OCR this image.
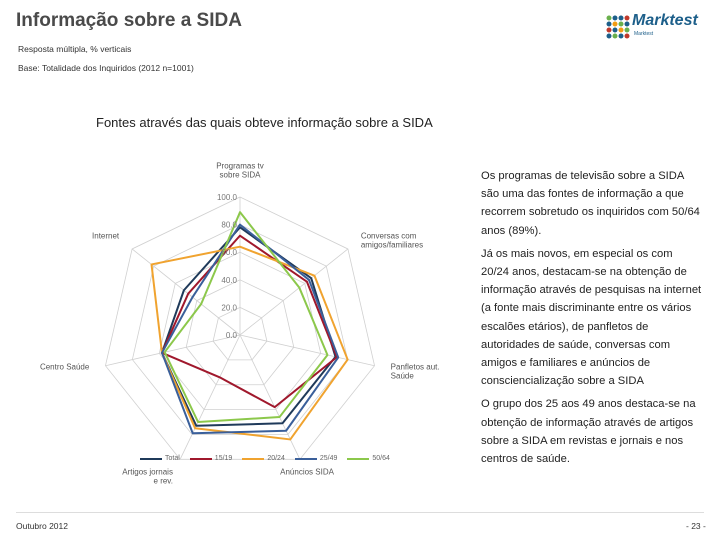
Informação sobre a SIDA	Marktest
Marktest
Resposta múltipla, % verticais
Base: Totalidade dos Inquiridos (2012 n=1001)
Fontes através das quais obteve informação sobre a SIDA
100.0
80.0
60.0
40.0
20.0
0.0
Programas tv sobre SIDA
Conversas com amigos/familiares
Panfletos aut. Saúde
Anúncios SIDA
Artigos jornais e rev.
Centro Saúde
Internet
Total	15/19	20/24	25/49	50/64

Os programas de televisão sobre a SIDA são uma das fontes de informação a que recorrem sobretudo os inquiridos com 50/64 anos (89%).

Já os mais novos, em especial os com 20/24 anos, destacam-se na obtenção de informação através de pesquisas na internet (a fonte mais discriminante entre os vários escalões etários), de panfletos de autoridades de saúde, conversas com amigos e familiares e anúncios de consciencialização sobre a SIDA

O grupo dos 25 aos 49 anos destaca-se na obtenção de informação através de artigos sobre a SIDA em revistas e jornais e nos centros de saúde.

Outubro 2012	- 23 -
